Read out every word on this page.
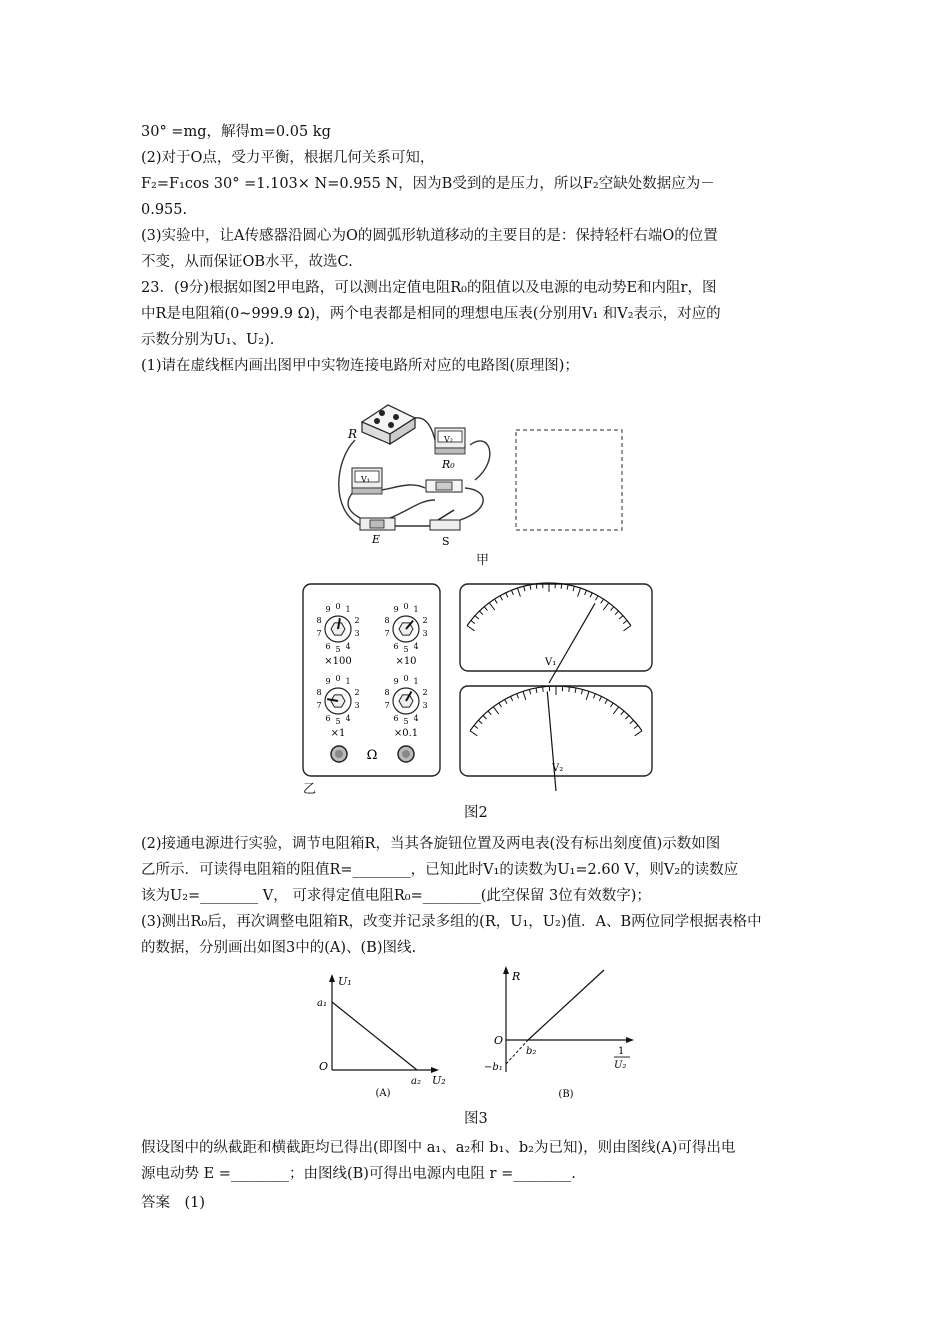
30° =mg，解得m=0.05 kg
(2)对于O点，受力平衡，根据几何关系可知，
F₂=F₁cos 30° =1.103× N=0.955 N，因为B受到的是压力，所以F₂空缺处数据应为－
0.955.
(3)实验中，让A传感器沿圆心为O的圆弧形轨道移动的主要目的是：保持轻杆右端O的位置
不变，从而保证OB水平，故选C.
23．(9分)根据如图2甲电路，可以测出定值电阻R₀的阻值以及电源的电动势E和内阻r，图
中R是电阻箱(0~999.9 Ω)，两个电表都是相同的理想电压表(分别用V₁ 和V₂表示，对应的
示数分别为U₁、U₂).
(1)请在虚线框内画出图甲中实物连接电路所对应的电路图(原理图)；
R	V₂
R₀
V₁
E	S
甲
9 0 1
8	2
7	3
6 5 4
×100
9 0 1
8	2
7	3
6 5 4
×10
9 0 1
8	2
7	3
6 5 4
×1
9 0 1
8	2
7	3
6 5 4
×0.1
Ω
V₁
V₂
乙
图2
(2)接通电源进行实验，调节电阻箱R，当其各旋钮位置及两电表(没有标出刻度值)示数如图
乙所示．可读得电阻箱的阻值R=________，已知此时V₁的读数为U₁=2.60 V，则V₂的读数应
该为U₂=________ V， 可求得定值电阻R₀=________(此空保留 3位有效数字)；
(3)测出R₀后，再次调整电阻箱R，改变并记录多组的(R，U₁，U₂)值．A、B两位同学根据表格中
的数据，分别画出如图3中的(A)、(B)图线.
U₁
a₁
O
a₂ U₂
(A)
R
O
−b₁
b₂	1
U₂
(B)
图3
假设图中的纵截距和横截距均已得出(即图中 a₁、a₂和 b₁、b₂为已知)，则由图线(A)可得出电
源电动势 E =________；由图线(B)可得出电源内电阻 r =________.
答案　(1)
